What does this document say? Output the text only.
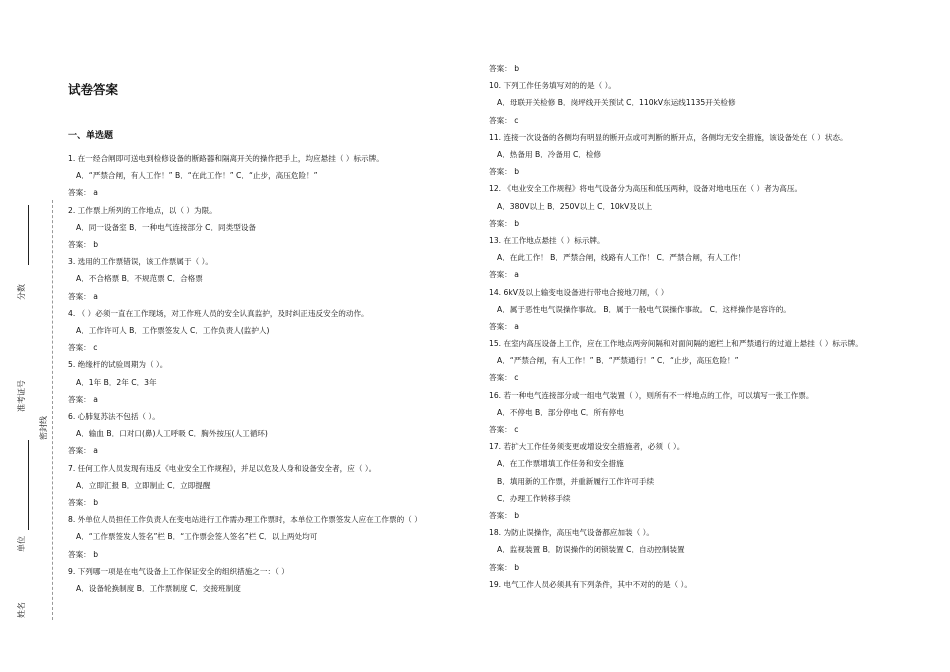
分数
准考证号
密封线
单位
姓名
试卷答案
一、单选题
1. 在一经合闸即可送电到检修设备的断路器和隔离开关的操作把手上，均应悬挂（ ）标示牌。
A．“严禁合闸，有人工作！” B．“在此工作！” C．“止步，高压危险！”
答案： a
2. 工作票上所列的工作地点，以（ ）为限。
A．同一设备室 B．一种电气连接部分 C．同类型设备
答案： b
3. 选用的工作票错误，该工作票属于（ ）。
A．不合格票 B．不规范票 C．合格票
答案： a
4. （ ）必须一直在工作现场，对工作班人员的安全认真监护，及时纠正违反安全的动作。
A．工作许可人 B．工作票签发人 C．工作负责人(监护人)
答案： c
5. 绝缘杆的试验周期为（ ）。
A．1年 B．2年 C．3年
答案： a
6. 心肺复苏法不包括（ ）。
A．输血 B．口对口(鼻)人工呼吸 C．胸外按压(人工循环)
答案： a
7. 任何工作人员发现有违反《电业安全工作规程》，并足以危及人身和设备安全者，应（ ）。
A．立即汇报 B．立即制止 C．立即提醒
答案： b
8. 外单位人员担任工作负责人在变电站进行工作需办理工作票时，本单位工作票签发人应在工作票的（ ）
A．“工作票签发人签名”栏 B．“工作票会签人签名”栏 C．以上两处均可
答案： b
9. 下列哪一项是在电气设备上工作保证安全的组织措施之一：（ ）
A．设备轮换制度 B．工作票制度 C．交接班制度
答案： b
10. 下列工作任务填写对的的是（ ）。
A．母联开关检修 B．岗坪线开关预试 C．110kV东运线1135开关检修
答案： c
11. 连接一次设备的各侧均有明显的断开点或可判断的断开点，各侧均无安全措施，该设备处在（ ）状态。
A．热备用 B．冷备用 C．检修
答案： b
12. 《电业安全工作规程》将电气设备分为高压和低压两种，设备对地电压在（ ）者为高压。
A．380V以上 B．250V以上 C．10kV及以上
答案： b
13. 在工作地点悬挂（ ）标示牌。
A．在此工作！ B．严禁合闸，线路有人工作！ C．严禁合闸，有人工作！
答案： a
14. 6kV及以上输变电设备进行带电合接地刀闸，（ ）
A．属于恶性电气误操作事故。 B．属于一般电气误操作事故。 C．这样操作是容许的。
答案： a
15. 在室内高压设备上工作，应在工作地点两旁间隔和对面间隔的遮栏上和严禁通行的过道上悬挂（ ）标示牌。
A．“严禁合闸，有人工作！” B．“严禁通行！” C．“止步，高压危险！”
答案： c
16. 若一种电气连接部分或一组电气装置（ ），则所有不一样地点的工作，可以填写一张工作票。
A．不停电 B．部分停电 C．所有停电
答案： c
17. 若扩大工作任务须变更或增设安全措施者，必须（ ）。
A．在工作票增填工作任务和安全措施
B．填用新的工作票，并重新履行工作许可手续
C．办理工作转移手续
答案： b
18. 为防止误操作，高压电气设备都应加装（ ）。
A．监视装置 B．防误操作的闭锁装置 C．自动控制装置
答案： b
19. 电气工作人员必须具有下列条件，其中不对的的是（ ）。
